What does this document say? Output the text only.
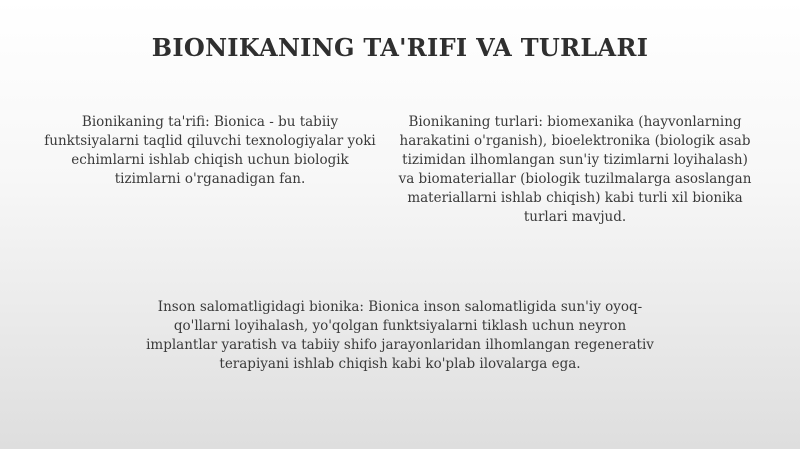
BIONIKANING TA'RIFI VA TURLARI
Bionikaning ta'rifi: Bionica - bu tabiiy funktsiyalarni taqlid qiluvchi texnologiyalar yoki echimlarni ishlab chiqish uchun biologik tizimlarni o'rganadigan fan.
Bionikaning turlari: biomexanika (hayvonlarning harakatini o'rganish), bioelektronika (biologik asab tizimidan ilhomlangan sun'iy tizimlarni loyihalash) va biomateriallar (biologik tuzilmalarga asoslangan materiallarni ishlab chiqish) kabi turli xil bionika turlari mavjud.
Inson salomatligidagi bionika: Bionica inson salomatligida sun'iy oyoq-qo'llarni loyihalash, yo'qolgan funktsiyalarni tiklash uchun neyron implantlar yaratish va tabiiy shifo jarayonlaridan ilhomlangan regenerativ terapiyani ishlab chiqish kabi ko'plab ilovalarga ega.
